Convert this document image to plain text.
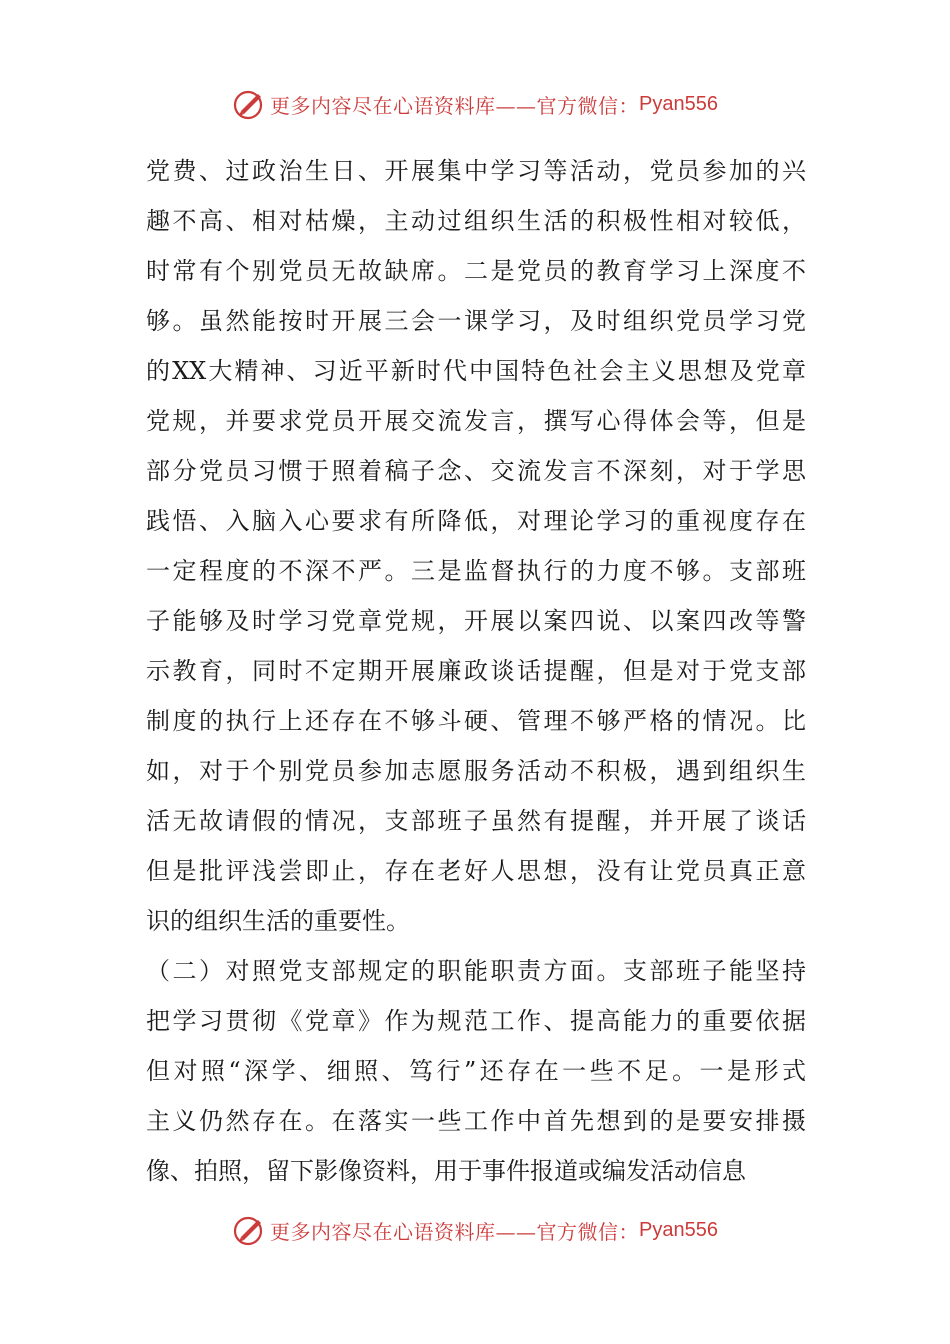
更多内容尽在心语资料库——官方微信： Pyan556
党费、过政治生日、开展集中学习等活动，党员参加的兴
趣不高、相对枯燥，主动过组织生活的积极性相对较低，
时常有个别党员无故缺席。二是党员的教育学习上深度不
够。虽然能按时开展三会一课学习，及时组织党员学习党
的XX大精神、习近平新时代中国特色社会主义思想及党章
党规，并要求党员开展交流发言，撰写心得体会等，但是
部分党员习惯于照着稿子念、交流发言不深刻，对于学思
践悟、入脑入心要求有所降低，对理论学习的重视度存在
一定程度的不深不严。三是监督执行的力度不够。支部班
子能够及时学习党章党规，开展以案四说、以案四改等警
示教育，同时不定期开展廉政谈话提醒，但是对于党支部
制度的执行上还存在不够斗硬、管理不够严格的情况。比
如，对于个别党员参加志愿服务活动不积极，遇到组织生
活无故请假的情况，支部班子虽然有提醒，并开展了谈话
但是批评浅尝即止，存在老好人思想，没有让党员真正意
识的组织生活的重要性。
（二）对照党支部规定的职能职责方面。支部班子能坚持
把学习贯彻《党章》作为规范工作、提高能力的重要依据
但对照“深学、细照、笃行”还存在一些不足。一是形式
主义仍然存在。在落实一些工作中首先想到的是要安排摄
像、拍照，留下影像资料，用于事件报道或编发活动信息
更多内容尽在心语资料库——官方微信： Pyan556
